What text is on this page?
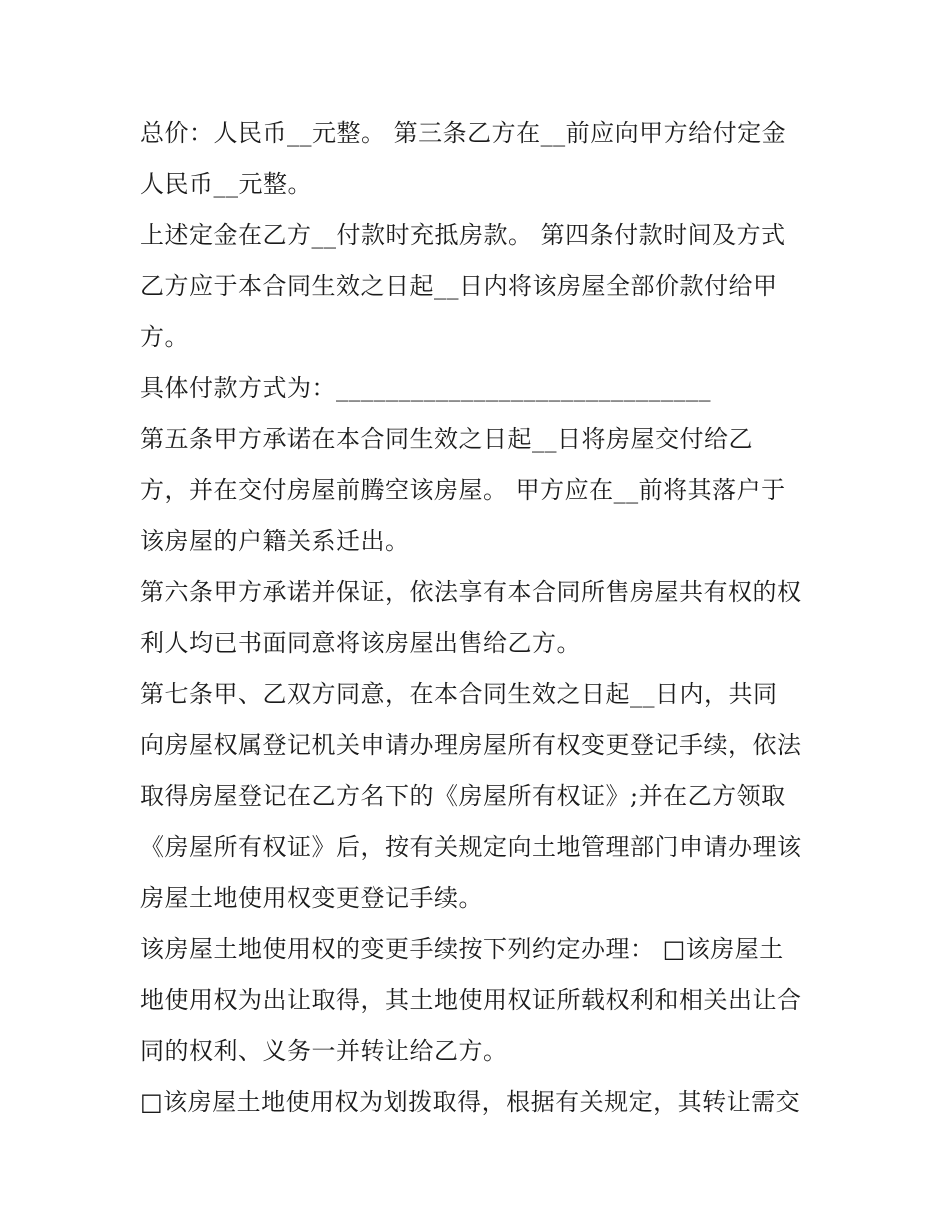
总价：人民币__元整。 第三条乙方在__前应向甲方给付定金
人民币__元整。
上述定金在乙方__付款时充抵房款。 第四条付款时间及方式
乙方应于本合同生效之日起__日内将该房屋全部价款付给甲
方。
具体付款方式为：______________________________
第五条甲方承诺在本合同生效之日起__日将房屋交付给乙
方，并在交付房屋前腾空该房屋。 甲方应在__前将其落户于
该房屋的户籍关系迁出。
第六条甲方承诺并保证，依法享有本合同所售房屋共有权的权
利人均已书面同意将该房屋出售给乙方。
第七条甲、乙双方同意，在本合同生效之日起__日内，共同
向房屋权属登记机关申请办理房屋所有权变更登记手续，依法
取得房屋登记在乙方名下的《房屋所有权证》;并在乙方领取
《房屋所有权证》后，按有关规定向土地管理部门申请办理该
房屋土地使用权变更登记手续。
该房屋土地使用权的变更手续按下列约定办理： □该房屋土
地使用权为出让取得，其土地使用权证所载权利和相关出让合
同的权利、义务一并转让给乙方。
□该房屋土地使用权为划拨取得，根据有关规定，其转让需交
